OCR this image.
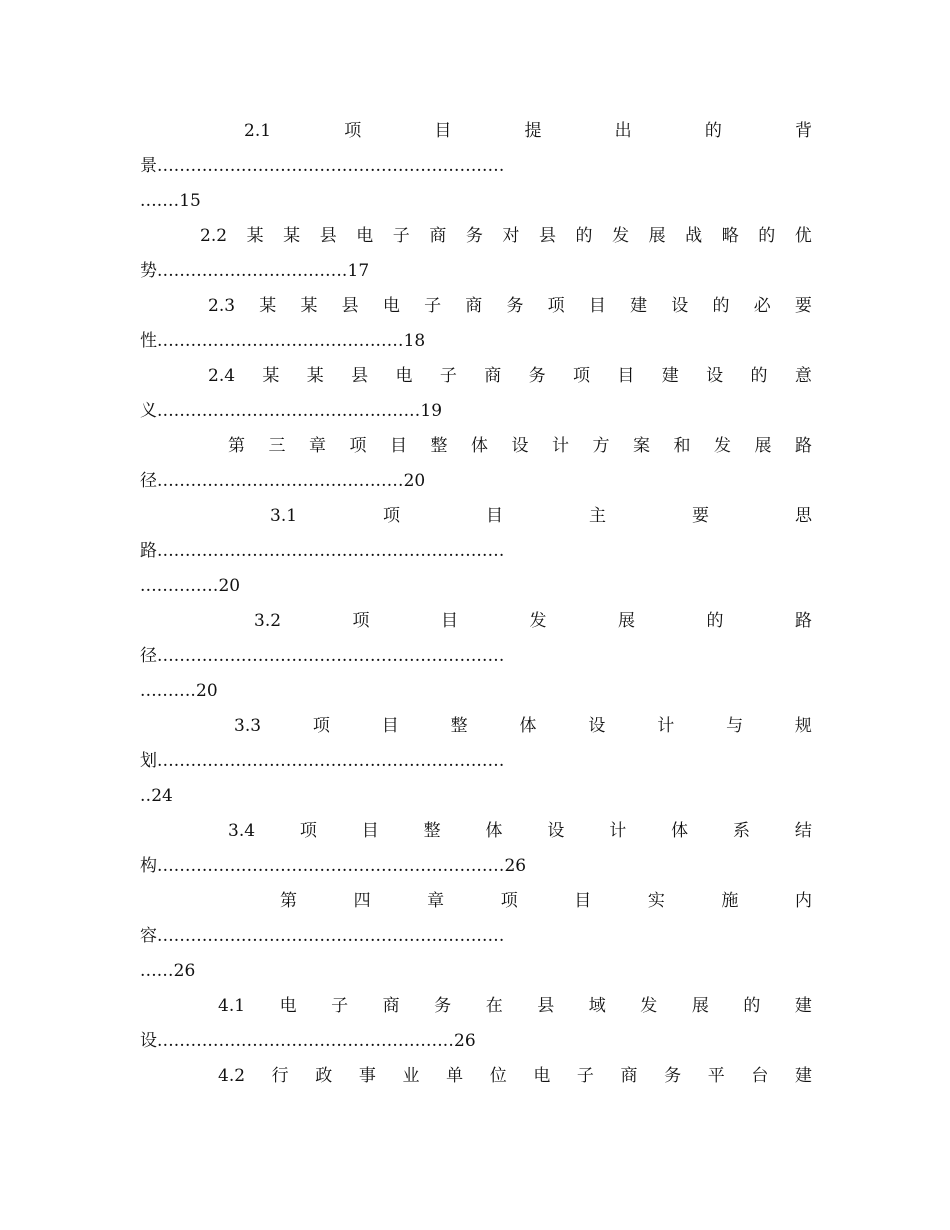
2.1	项	目	提	出	的	背
景 ..............................................................
....... 15
2.2 某 某 县 电 子 商 务 对 县 的 发 展 战 略 的 优
势 .................................. 17
2.3 某 某 县 电 子 商 务 项 目 建 设 的 必 要
性 ............................................ 18
2.4 某 某 县 电 子 商 务 项 目 建 设 的 意
义 ............................................... 19
第 三 章 项 目 整 体 设 计 方 案 和 发 展 路
径 ............................................ 20
3.1	项	目	主	要	思
路 ..............................................................
.............. 20
3.2	项	目	发	展	的	路
径 ..............................................................
.......... 20
3.3	项	目	整	体	设	计	与	规
划 ..............................................................
.. 24
3.4	项	目	整	体	设	计	体	系	结
构 .............................................................. 26
第	四	章	项	目	实	施	内
容 ..............................................................
...... 26
4.1 电 子 商 务 在 县 域 发 展 的 建
设 ..................................................... 26
4.2 行 政 事 业 单 位 电 子 商 务 平 台 建
